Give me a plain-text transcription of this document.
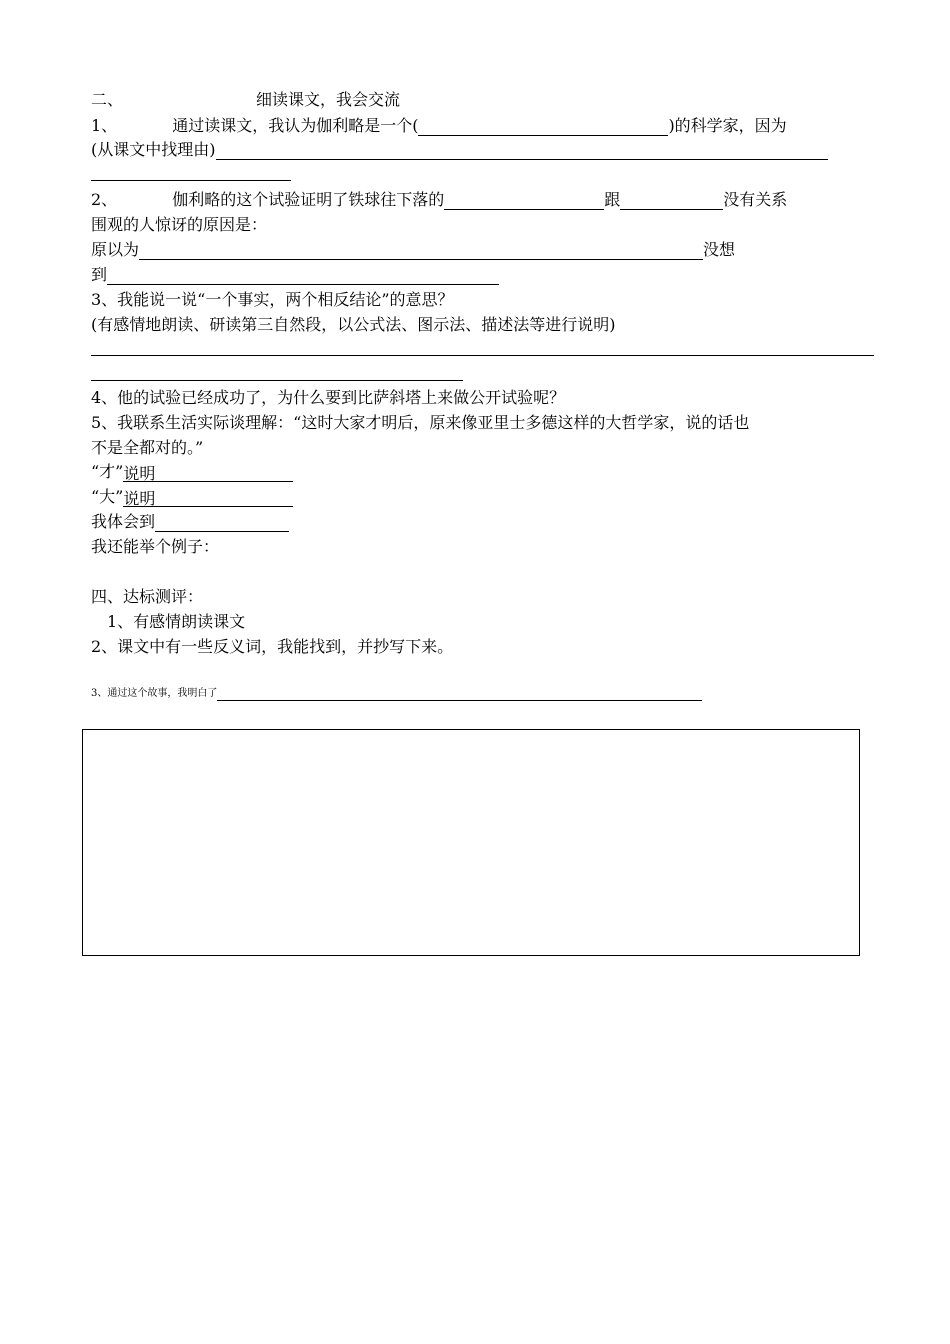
二、	细读课文，我会交流
1、	通过读课文，我认为伽利略是一个(	)的科学家，因为
(从课文中找理由)
2、	伽利略的这个试验证明了铁球往下落的	跟	没有关系
围观的人惊讶的原因是：
原以为	没想
到
3、我能说一说“一个事实，两个相反结论”的意思？
(有感情地朗读、研读第三自然段，以公式法、图示法、描述法等进行说明)
4、他的试验已经成功了，为什么要到比萨斜塔上来做公开试验呢？
5、我联系生活实际谈理解：“这时大家才明后，原来像亚里士多德这样的大哲学家，说的话也
不是全都对的。”
“才”说明
“大”说明
我体会到
我还能举个例子：
四、达标测评：
1、有感情朗读课文
2、课文中有一些反义词，我能找到，并抄写下来。
3、通过这个故事，我明白了
